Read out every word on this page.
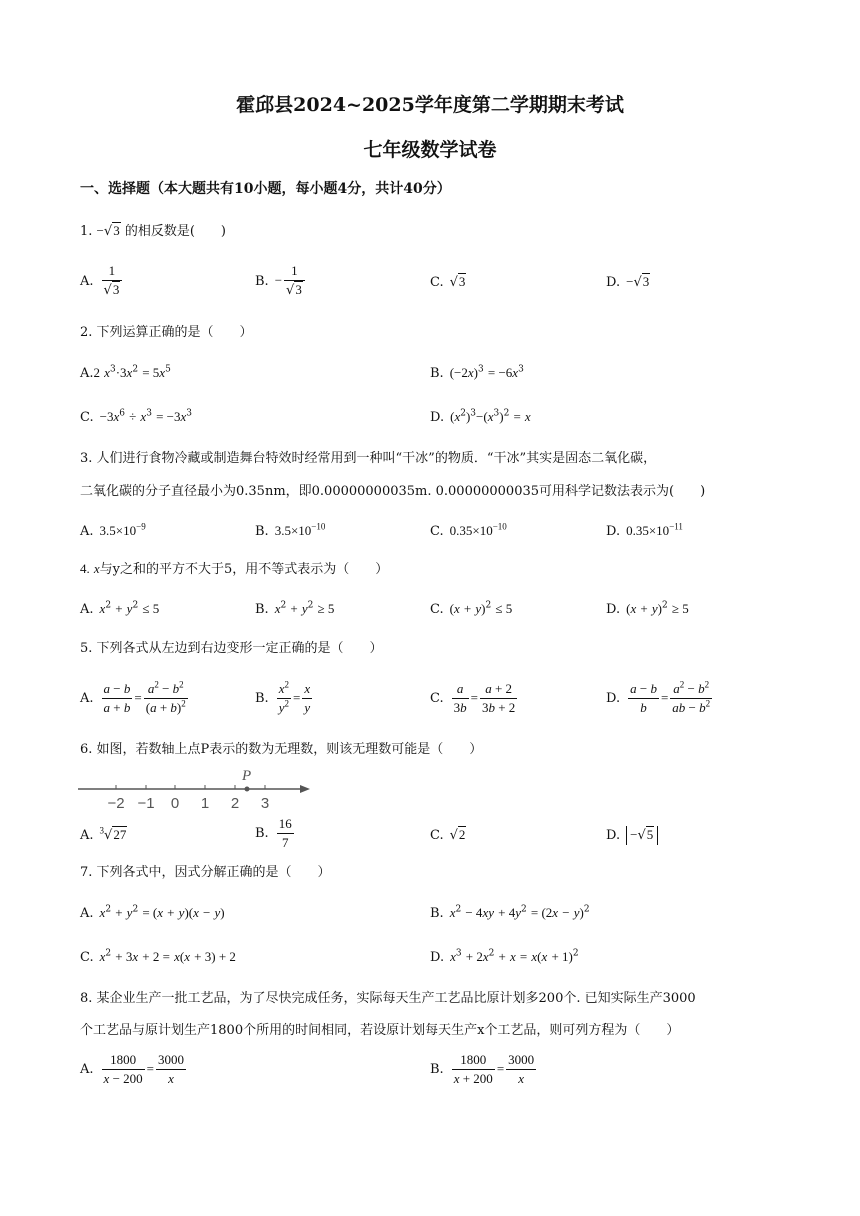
霍邱县2024~2025学年度第二学期期末考试
七年级数学试卷
一、选择题（本大题共有10小题，每小题4分，共计40分）
1. −√3 的相反数是(　　)
A. $\frac{1}{√3}$	B. − $\frac{1}{√3}$	C. √3	D. −√3
2. 下列运算正确的是（　　）
A.2 $x^3\cdot 3x^2 = 5x^5$	B. $(-2x)^3 = -6x^3$
C. $-3x^6 \div x^3 = -3x^3$	D. $(x^2)^3-(x^3)^2 = x$
3. 人们进行食物冷藏或制造舞台特效时经常用到一种叫“干冰”的物质．“干冰”其实是固态二氧化碳，
二氧化碳的分子直径最小为0.35nm，即0.00000000035m. 0.00000000035可用科学记数法表示为(　　)
A. $3.5\times 10^{-9}$	B. $3.5\times 10^{-10}$	C. $0.35\times 10^{-10}$	D. $0.35\times 10^{-11}$
4. x与y之和的平方不大于5，用不等式表示为（　　）
A. $x^2 + y^2 \le 5$	B. $x^2 + y^2 \ge 5$	C. $(x + y)^2 \le 5$	D. $(x + y)^2 \ge 5$
5. 下列各式从左边到右边变形一定正确的是（　　）
A. $\frac{a - b}{a + b} = \frac{a^2 - b^2}{(a + b)^2}$	B. $\frac{x^2}{y^2} = \frac{x}{y}$	C. $\frac{a}{3b} = \frac{a + 2}{3b + 2}$	D. $\frac{a - b}{b} = \frac{a^2 - b^2}{ab - b^2}$
6. 如图，若数轴上点P表示的数为无理数，则该无理数可能是（　　）
P
−2 −1 0 1 2 3
A. $^3$√27	B. $\frac{16}{7}$	C. √2	D. −√5
7. 下列各式中，因式分解正确的是（　　）
A. $x^2 + y^2 = (x + y)(x - y)$	B. $x^2 - 4xy + 4y^2 = (2x - y)^2$
C. $x^2 + 3x + 2 = x(x + 3) + 2$	D. $x^3 + 2x^2 + x = x(x + 1)^2$
8. 某企业生产一批工艺品，为了尽快完成任务，实际每天生产工艺品比原计划多200个. 已知实际生产3000
个工艺品与原计划生产1800个所用的时间相同，若设原计划每天生产x个工艺品，则可列方程为（　　）
A. $\frac{1800}{x - 200} = \frac{3000}{x}$	B. $\frac{1800}{x + 200} = \frac{3000}{x}$
